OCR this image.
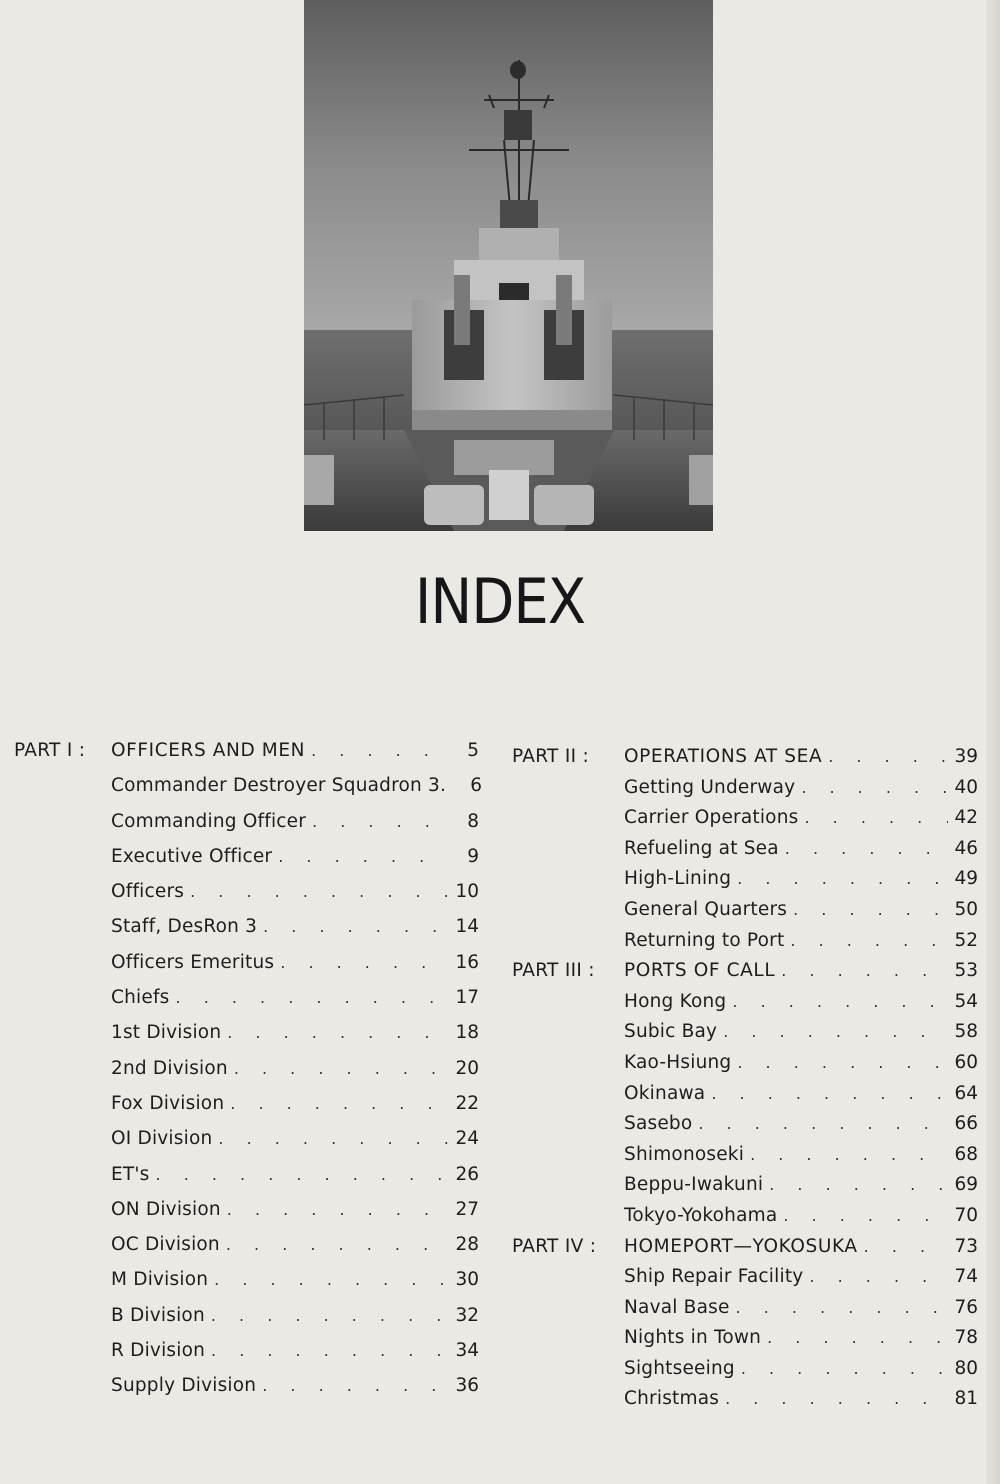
INDEX
PART I : OFFICERS AND MEN . . .	5
Commander Destroyer Squadron 3.	6
Commanding Officer . . .	8
Executive Officer . . .	9
Officers . . .	10
Staff, DesRon 3 . . .	14
Officers Emeritus . . .	16
Chiefs . . .	17
1st Division . . .	18
2nd Division . . .	20
Fox Division . . .	22
OI Division . . .	24
ET's . . .	26
ON Division . . .	27
OC Division . . .	28
M Division . . .	30
B Division . . .	32
R Division . . .	34
Supply Division . . .	36
PART II : OPERATIONS AT SEA . . .	39
Getting Underway . . .	40
Carrier Operations . . .	42
Refueling at Sea . . .	46
High-Lining . . .	49
General Quarters . . .	50
Returning to Port . . .	52
PART III : PORTS OF CALL . . .	53
Hong Kong . . .	54
Subic Bay . . .	58
Kao-Hsiung . . .	60
Okinawa . . .	64
Sasebo . . .	66
Shimonoseki . . .	68
Beppu-Iwakuni . . .	69
Tokyo-Yokohama . . .	70
PART IV : HOMEPORT—YOKOSUKA . . .	73
Ship Repair Facility . . .	74
Naval Base . . .	76
Nights in Town . . .	78
Sightseeing . . .	80
Christmas . . .	81
